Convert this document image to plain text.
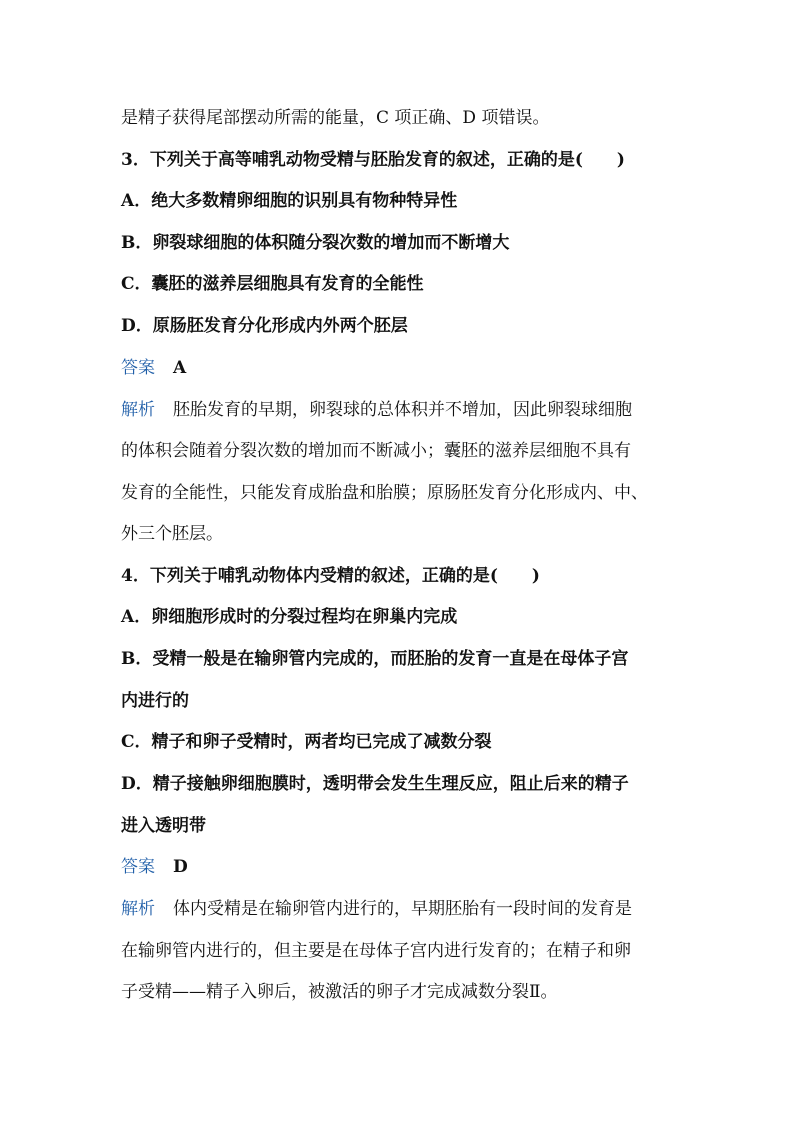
是精子获得尾部摆动所需的能量，C 项正确、D 项错误。
3．下列关于高等哺乳动物受精与胚胎发育的叙述，正确的是(　　)
A．绝大多数精卵细胞的识别具有物种特异性
B．卵裂球细胞的体积随分裂次数的增加而不断增大
C．囊胚的滋养层细胞具有发育的全能性
D．原肠胚发育分化形成内外两个胚层
答案 A
解析 胚胎发育的早期，卵裂球的总体积并不增加，因此卵裂球细胞
的体积会随着分裂次数的增加而不断减小；囊胚的滋养层细胞不具有
发育的全能性，只能发育成胎盘和胎膜；原肠胚发育分化形成内、中、
外三个胚层。
4．下列关于哺乳动物体内受精的叙述，正确的是(　　)
A．卵细胞形成时的分裂过程均在卵巢内完成
B．受精一般是在输卵管内完成的，而胚胎的发育一直是在母体子宫
内进行的
C．精子和卵子受精时，两者均已完成了减数分裂
D．精子接触卵细胞膜时，透明带会发生生理反应，阻止后来的精子
进入透明带
答案 D
解析 体内受精是在输卵管内进行的，早期胚胎有一段时间的发育是
在输卵管内进行的，但主要是在母体子宫内进行发育的；在精子和卵
子受精——精子入卵后，被激活的卵子才完成减数分裂Ⅱ。
